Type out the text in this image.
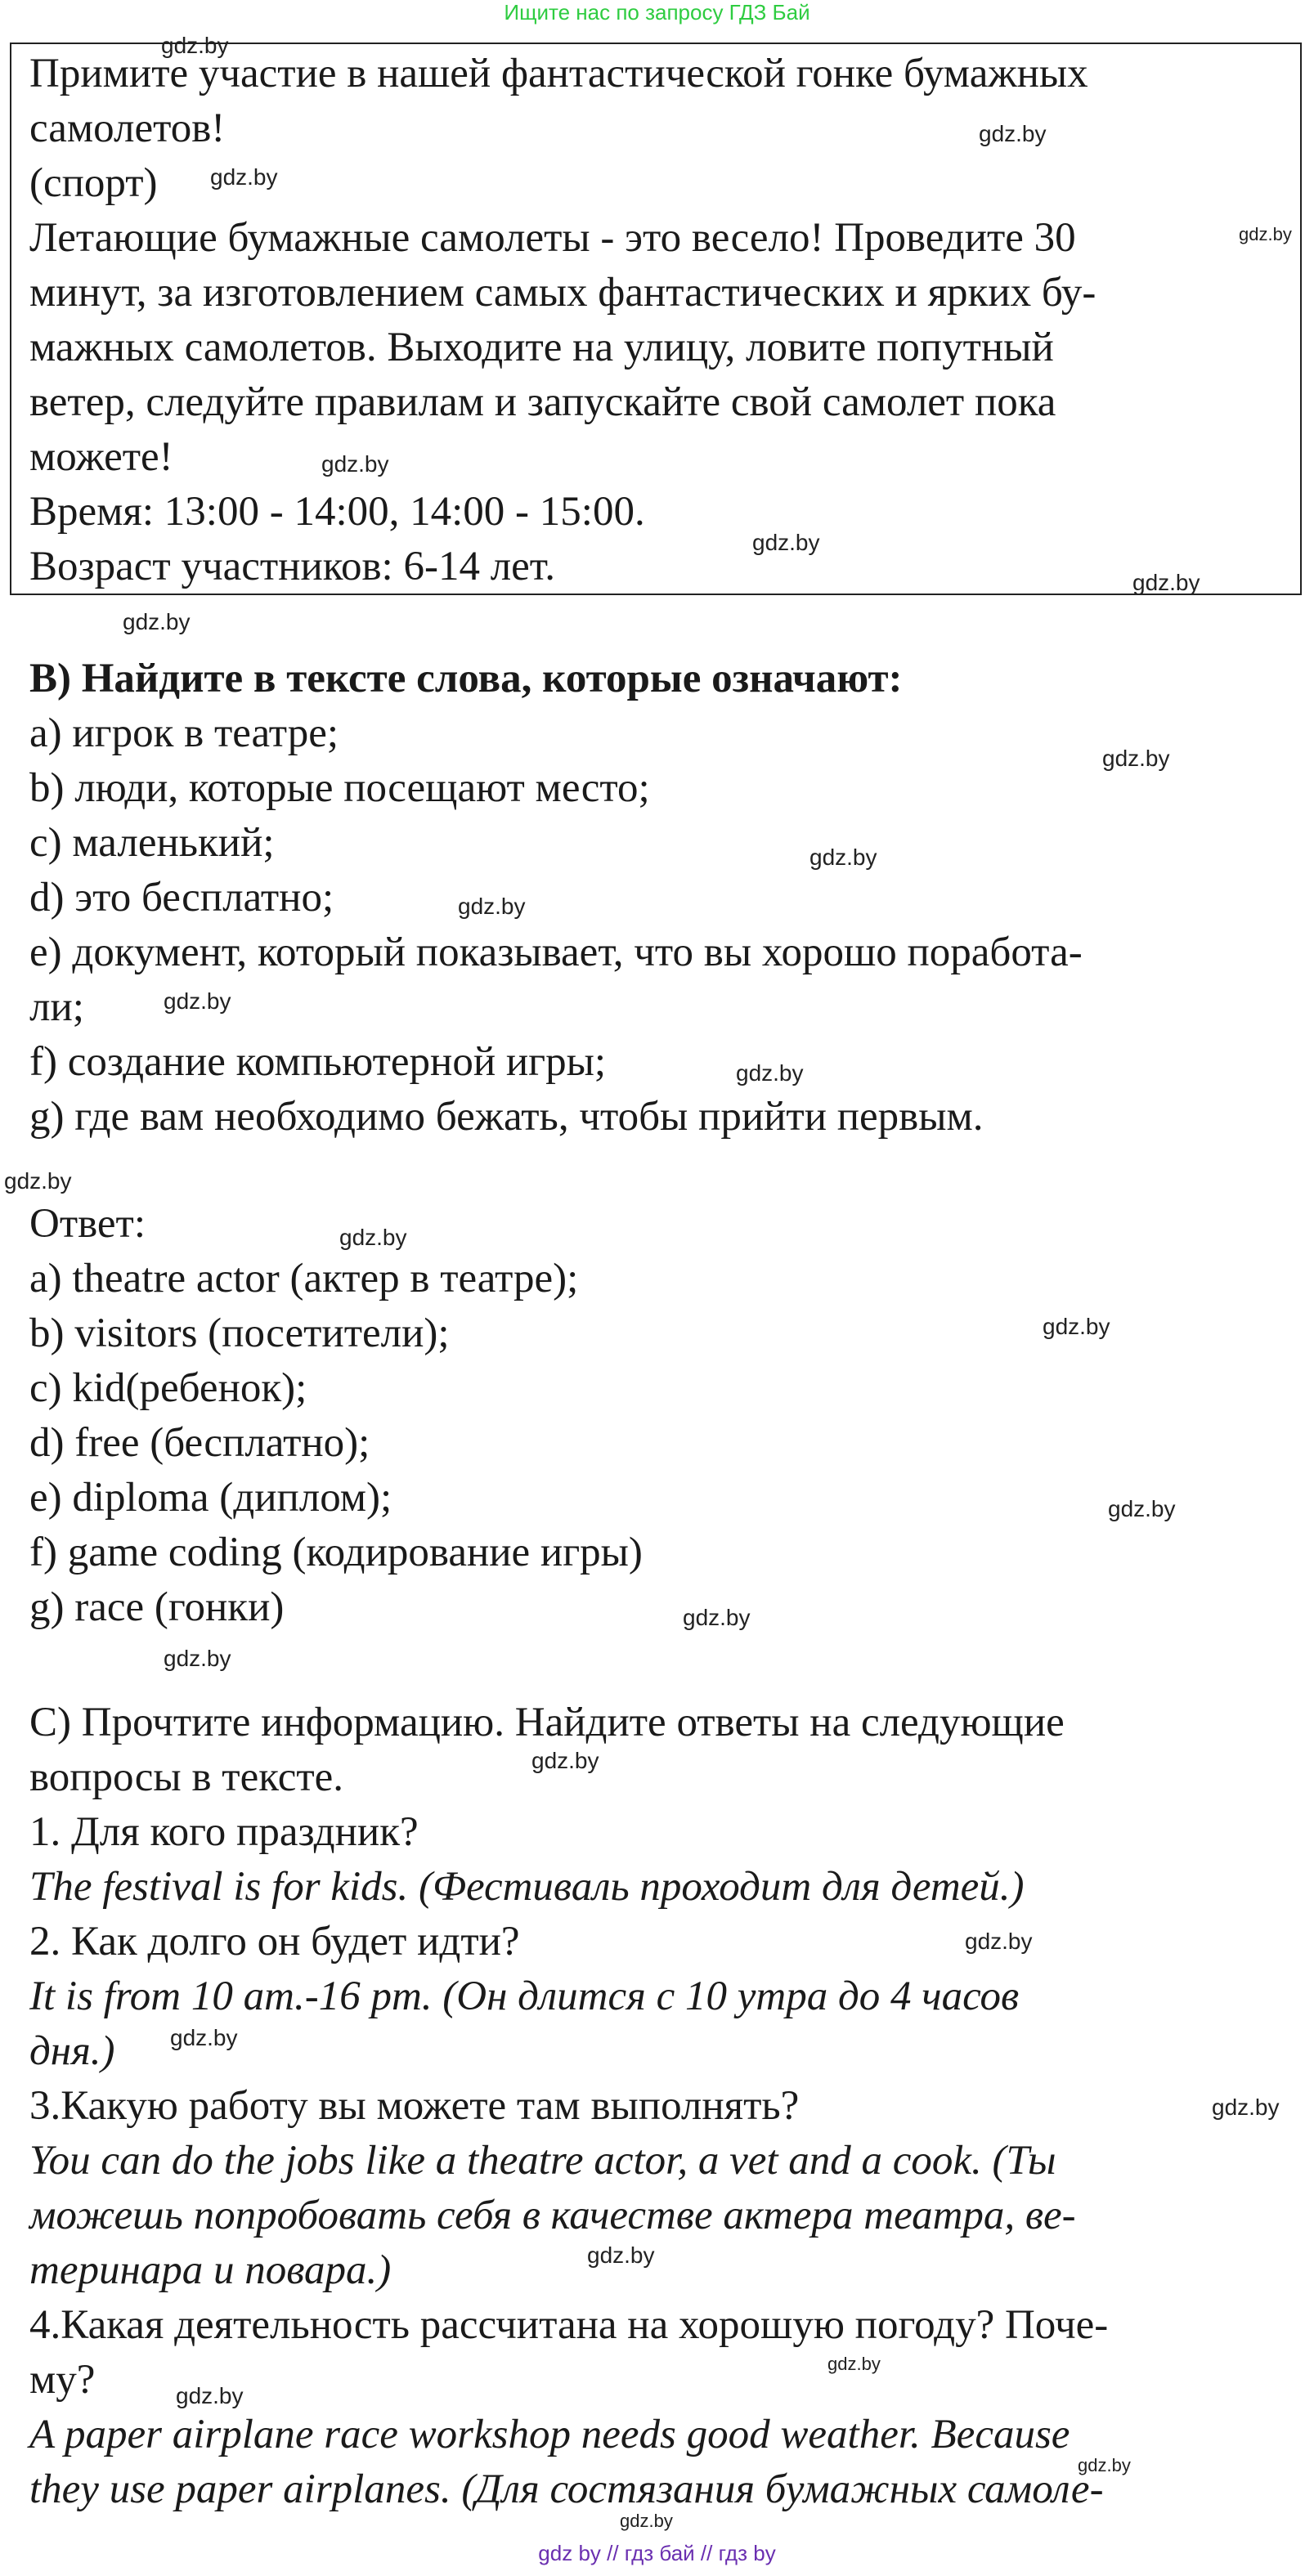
Ищите нас по запросу ГДЗ Бай
Примите участие в нашей фантастической гонке бумажных
самолетов!
(спорт)
Летающие бумажные самолеты - это весело! Проведите 30
минут, за изготовлением самых фантастических и ярких бу-
мажных самолетов. Выходите на улицу, ловите попутный
ветер, следуйте правилам и запускайте свой самолет пока
можете!
Время: 13:00 - 14:00, 14:00 - 15:00.
Возраст участников: 6-14 лет.
B) Найдите в тексте слова, которые означают:
a) игрок в театре;
b) люди, которые посещают место;
c) маленький;
d) это бесплатно;
e) документ, который показывает, что вы хорошо поработа-
ли;
f) создание компьютерной игры;
g) где вам необходимо бежать, чтобы прийти первым.
Ответ:
a) theatre actor (актер в театре);
b) visitors (посетители);
c) kid(ребенок);
d) free (бесплатно);
e) diploma (диплом);
f) game coding (кодирование игры)
g) race (гонки)
C) Прочтите информацию. Найдите ответы на следующие
вопросы в тексте.
1. Для кого праздник?
The festival is for kids. (Фестиваль проходит для детей.)
2. Как долго он будет идти?
It is from 10 am.-16 pm. (Он длится с 10 утра до 4 часов
дня.)
3.Какую работу вы можете там выполнять?
You can do the jobs like a theatre actor, a vet and a cook. (Ты
можешь попробовать себя в качестве актера театра, ве-
теринара и повара.)
4.Какая деятельность рассчитана на хорошую погоду? Поче-
му?
A paper airplane race workshop needs good weather. Because
they use paper airplanes. (Для состязания бумажных самоле-
gdz.by
gdz.by
gdz.by
gdz.by
gdz.by
gdz.by
gdz.by
gdz.by
gdz.by
gdz.by
gdz.by
gdz.by
gdz.by
gdz.by
gdz.by
gdz.by
gdz.by
gdz.by
gdz.by
gdz.by
gdz.by
gdz.by
gdz.by
gdz.by
gdz.by
gdz.by
gdz.by
gdz.by
gdz by // гдз бай // гдз by
